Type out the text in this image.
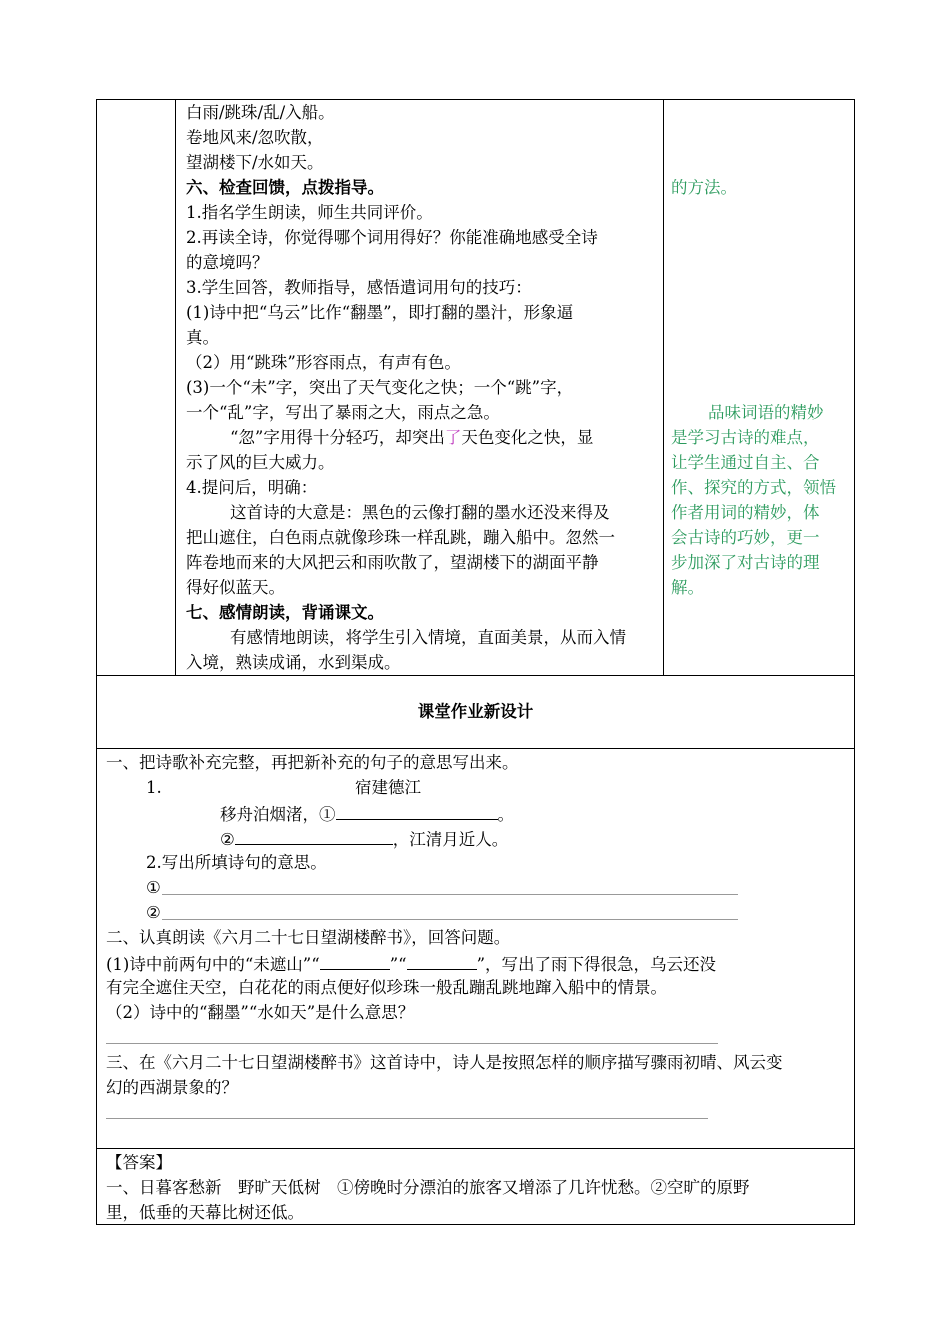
白雨/跳珠/乱/入船。
卷地风来/忽吹散，
望湖楼下/水如天。
六、检查回馈，点拨指导。
1.指名学生朗读，师生共同评价。
2.再读全诗，你觉得哪个词用得好？你能准确地感受全诗
的意境吗？
3.学生回答，教师指导，感悟遣词用句的技巧：
(1)诗中把“乌云”比作“翻墨”，即打翻的墨汁，形象逼
真。
（2）用“跳珠”形容雨点，有声有色。
(3)一个“未”字，突出了天气变化之快；一个“跳”字，
一个“乱”字，写出了暴雨之大，雨点之急。
“忽”字用得十分轻巧，却突出了天色变化之快，显
示了风的巨大威力。
4.提问后，明确：
这首诗的大意是：黑色的云像打翻的墨水还没来得及
把山遮住，白色雨点就像珍珠一样乱跳，蹦入船中。忽然一
阵卷地而来的大风把云和雨吹散了，望湖楼下的湖面平静
得好似蓝天。
七、感情朗读，背诵课文。
有感情地朗读，将学生引入情境，直面美景，从而入情
入境，熟读成诵，水到渠成。
的方法。
品味词语的精妙
是学习古诗的难点，
让学生通过自主、合
作、探究的方式，领悟
作者用词的精妙，体
会古诗的巧妙，更一
步加深了对古诗的理
解。
课堂作业新设计
一、把诗歌补充完整，再把新补充的句子的意思写出来。
1.	宿建德江
移舟泊烟渚，①	。
②	，江清月近人。
2.写出所填诗句的意思。
①
②
二、认真朗读《六月二十七日望湖楼醉书》，回答问题。
(1)诗中前两句中的“未遮山”“	”“	”，写出了雨下得很急，乌云还没
有完全遮住天空，白花花的雨点便好似珍珠一般乱蹦乱跳地蹿入船中的情景。
（2）诗中的“翻墨”“水如天”是什么意思？
三、在《六月二十七日望湖楼醉书》这首诗中，诗人是按照怎样的顺序描写骤雨初晴、风云变
幻的西湖景象的？
【答案】
一、日暮客愁新　野旷天低树　①傍晚时分漂泊的旅客又增添了几许忧愁。②空旷的原野
里，低垂的天幕比树还低。
